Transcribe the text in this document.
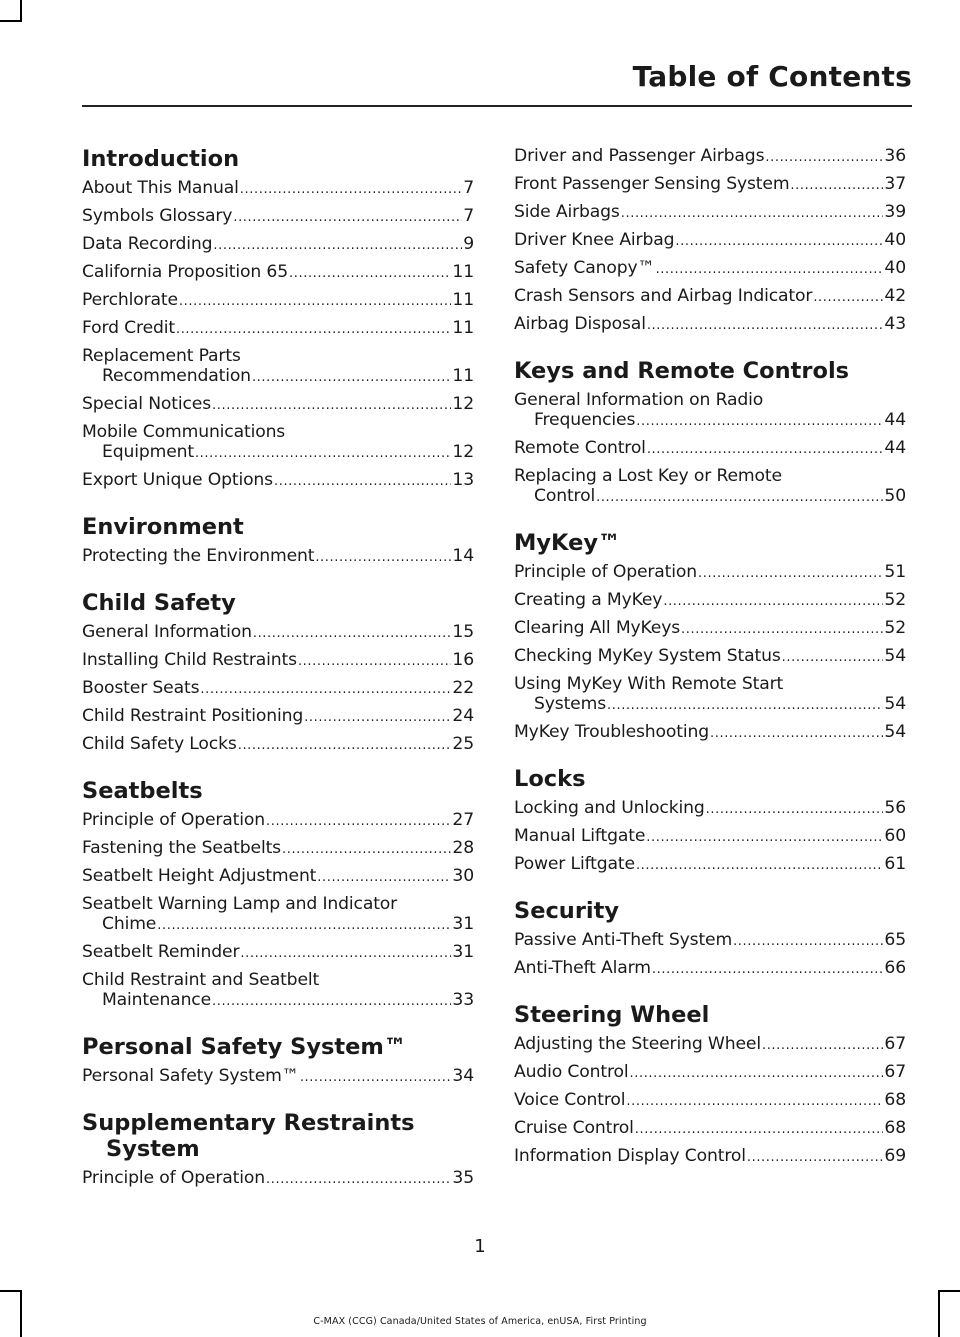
Table of Contents
Introduction
About This Manual .....	7
Symbols Glossary .....	7
Data Recording .....	9
California Proposition 65 .....	11
Perchlorate .....	11
Ford Credit .....	11
Replacement Parts
Recommendation .....	11
Special Notices .....	12
Mobile Communications
Equipment .....	12
Export Unique Options .....	13
Environment
Protecting the Environment .....	14
Child Safety
General Information .....	15
Installing Child Restraints .....	16
Booster Seats .....	22
Child Restraint Positioning .....	24
Child Safety Locks .....	25
Seatbelts
Principle of Operation .....	27
Fastening the Seatbelts .....	28
Seatbelt Height Adjustment .....	30
Seatbelt Warning Lamp and Indicator
Chime .....	31
Seatbelt Reminder .....	31
Child Restraint and Seatbelt
Maintenance .....	33
Personal Safety System™
Personal Safety System™ .....	34
Supplementary Restraints System
Principle of Operation .....	35
Driver and Passenger Airbags .....	36
Front Passenger Sensing System .....	37
Side Airbags .....	39
Driver Knee Airbag .....	40
Safety Canopy™ .....	40
Crash Sensors and Airbag Indicator .....	42
Airbag Disposal .....	43
Keys and Remote Controls
General Information on Radio
Frequencies .....	44
Remote Control .....	44
Replacing a Lost Key or Remote
Control .....	50
MyKey™
Principle of Operation .....	51
Creating a MyKey .....	52
Clearing All MyKeys .....	52
Checking MyKey System Status .....	54
Using MyKey With Remote Start
Systems .....	54
MyKey Troubleshooting .....	54
Locks
Locking and Unlocking .....	56
Manual Liftgate .....	60
Power Liftgate .....	61
Security
Passive Anti-Theft System .....	65
Anti-Theft Alarm .....	66
Steering Wheel
Adjusting the Steering Wheel .....	67
Audio Control .....	67
Voice Control .....	68
Cruise Control .....	68
Information Display Control .....	69
1
C-MAX (CCG) Canada/United States of America, enUSA, First Printing
